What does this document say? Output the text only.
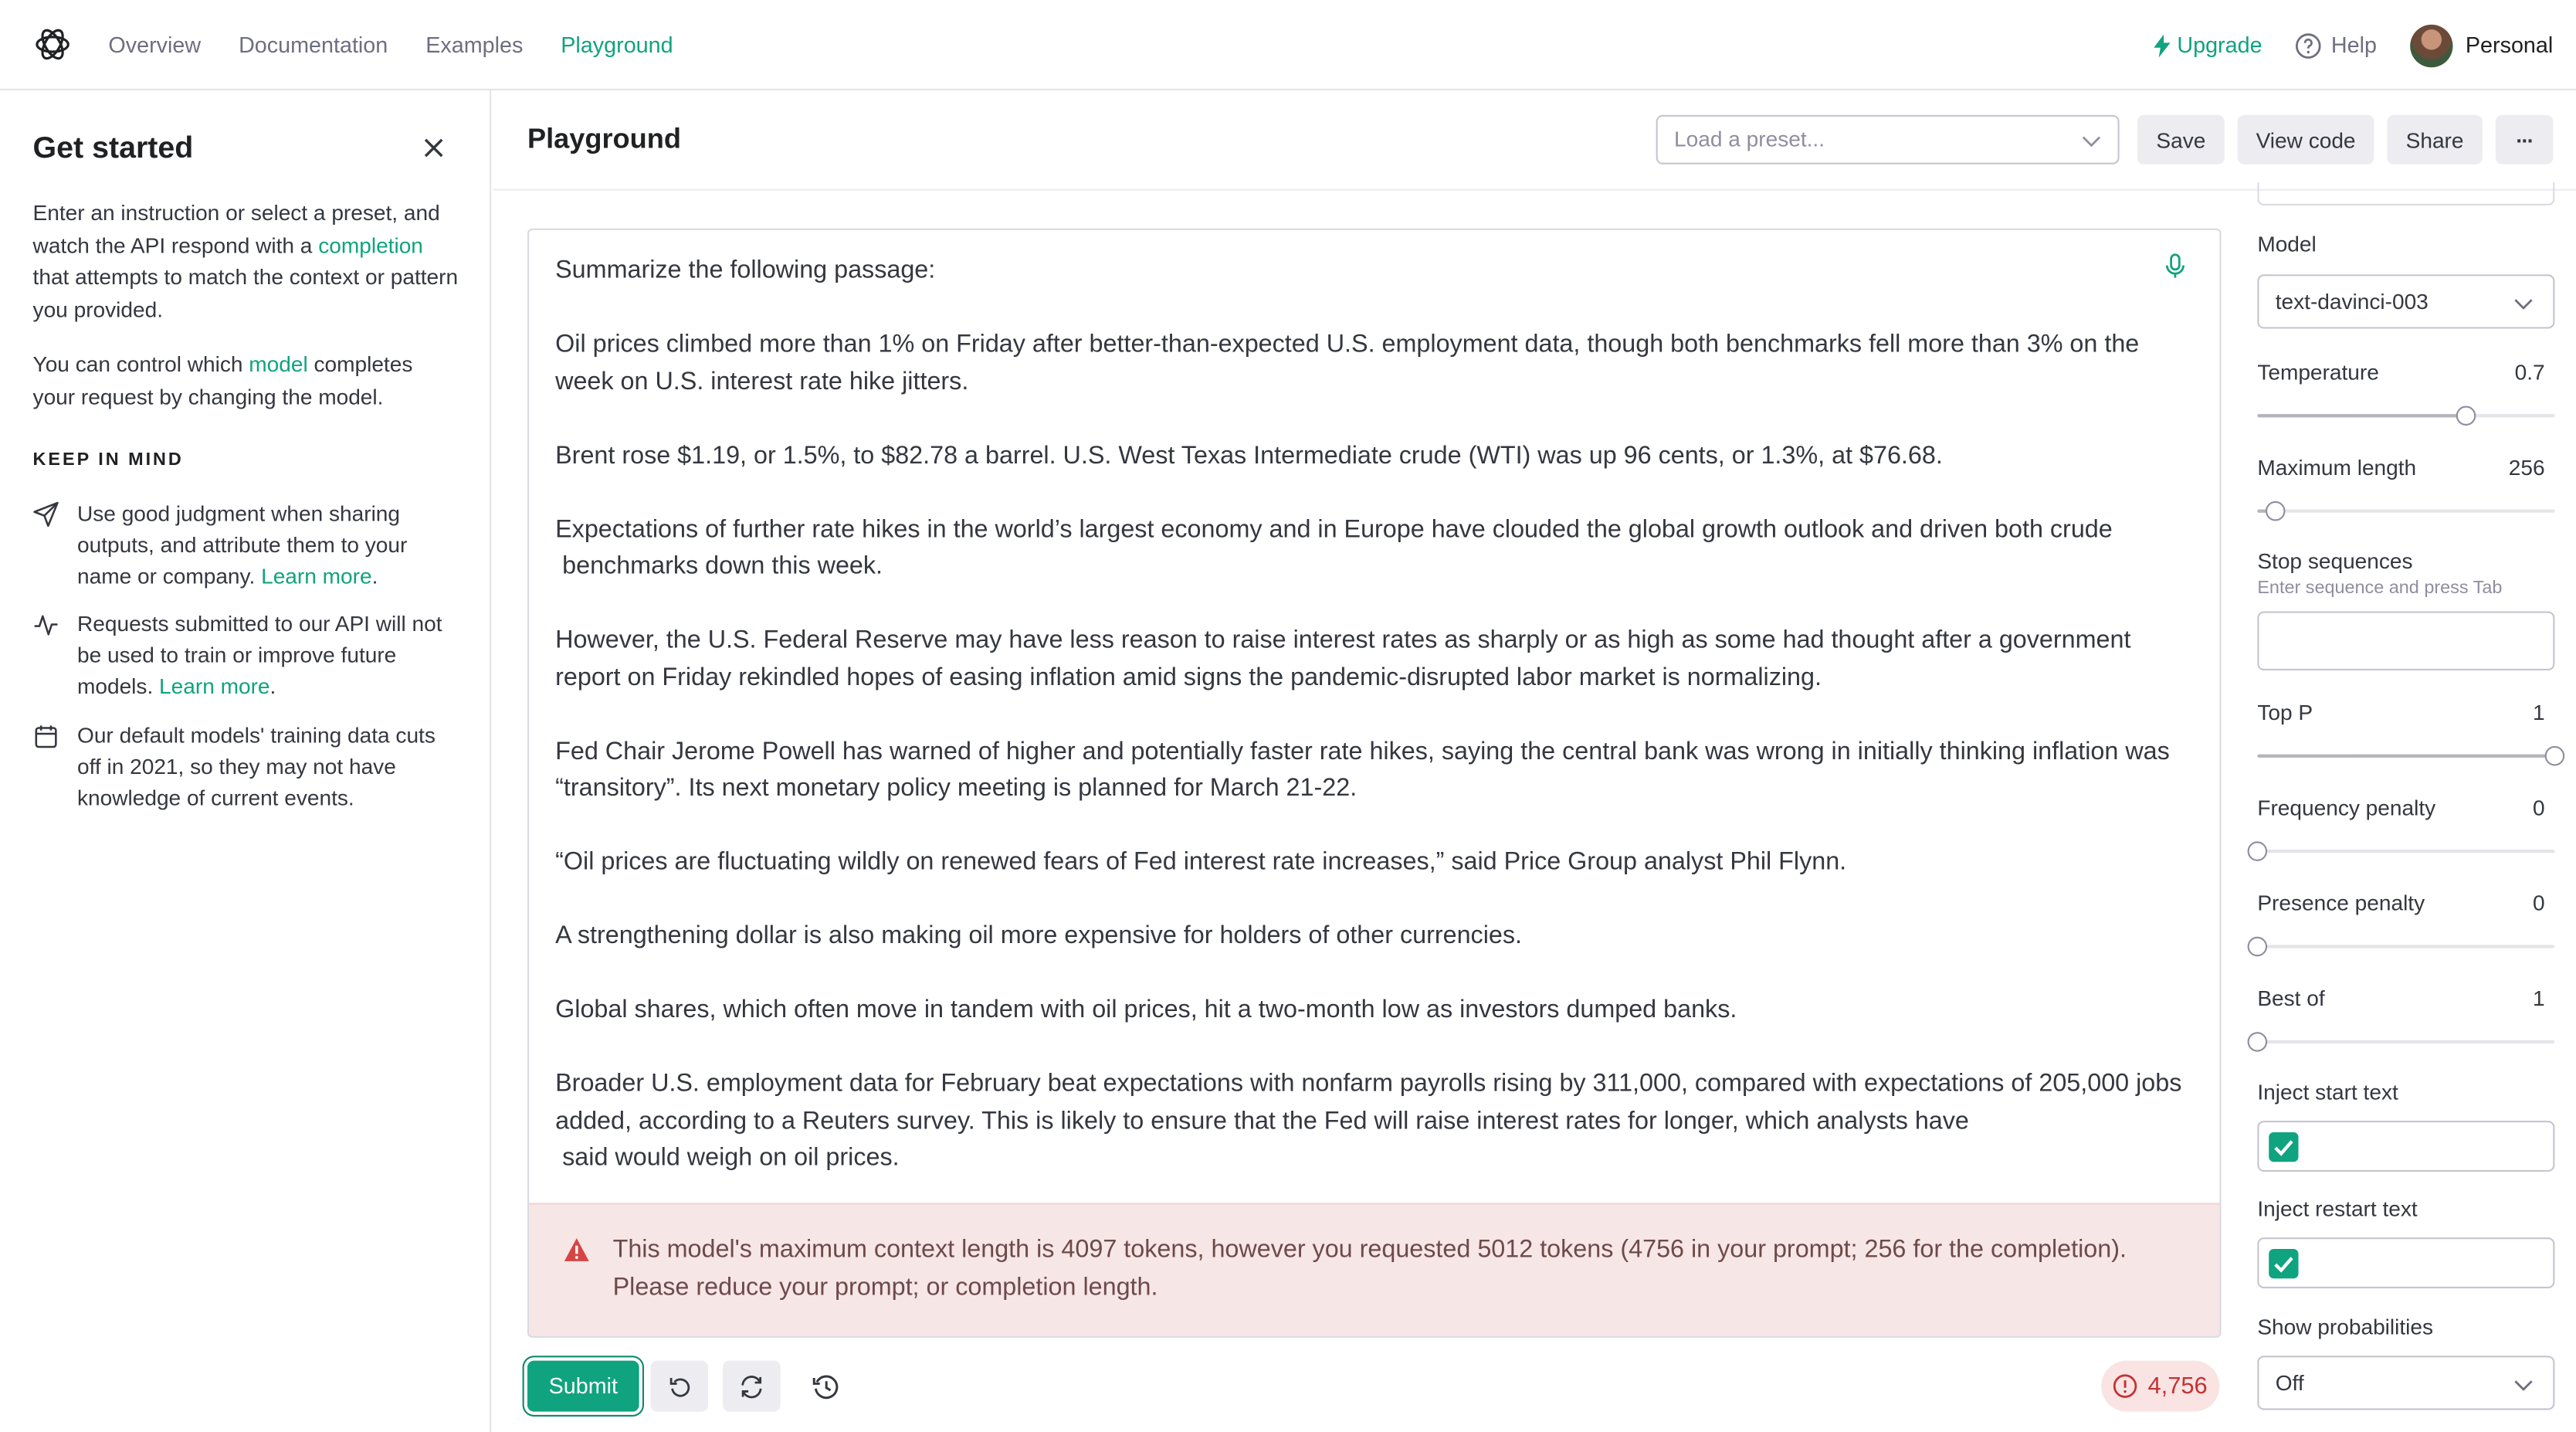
Overview	Documentation	Examples	Playground	Upgrade	Help	Personal
Get started
Enter an instruction or select a preset, and watch the API respond with a completion that attempts to match the context or pattern you provided.
You can control which model completes your request by changing the model.
KEEP IN MIND
Use good judgment when sharing outputs, and attribute them to your name or company. Learn more.
Requests submitted to our API will not be used to train or improve future models. Learn more.
Our default models' training data cuts off in 2021, so they may not have knowledge of current events.
Playground	Load a preset...	Save	View code	Share	···

Summarize the following passage:

Oil prices climbed more than 1% on Friday after better-than-expected U.S. employment data, though both benchmarks fell more than 3% on the week on U.S. interest rate hike jitters.

Brent rose $1.19, or 1.5%, to $82.78 a barrel. U.S. West Texas Intermediate crude (WTI) was up 96 cents, or 1.3%, at $76.68.

Expectations of further rate hikes in the world’s largest economy and in Europe have clouded the global growth outlook and driven both crude
benchmarks down this week.

However, the U.S. Federal Reserve may have less reason to raise interest rates as sharply or as high as some had thought after a government report on Friday rekindled hopes of easing inflation amid signs the pandemic-disrupted labor market is normalizing.

Fed Chair Jerome Powell has warned of higher and potentially faster rate hikes, saying the central bank was wrong in initially thinking inflation was “transitory”. Its next monetary policy meeting is planned for March 21-22.

“Oil prices are fluctuating wildly on renewed fears of Fed interest rate increases,” said Price Group analyst Phil Flynn.

A strengthening dollar is also making oil more expensive for holders of other currencies.

Global shares, which often move in tandem with oil prices, hit a two-month low as investors dumped banks.

Broader U.S. employment data for February beat expectations with nonfarm payrolls rising by 311,000, compared with expectations of 205,000 jobs added, according to a Reuters survey. This is likely to ensure that the Fed will raise interest rates for longer, which analysts have
said would weigh on oil prices.

This model's maximum context length is 4097 tokens, however you requested 5012 tokens (4756 in your prompt; 256 for the completion). Please reduce your prompt; or completion length.
Submit	4,756
Model
text-davinci-003
Temperature	0.7
Maximum length	256
Stop sequences
Enter sequence and press Tab
Top P	1
Frequency penalty	0
Presence penalty	0
Best of	1
Inject start text
Inject restart text
Show probabilities
Off
